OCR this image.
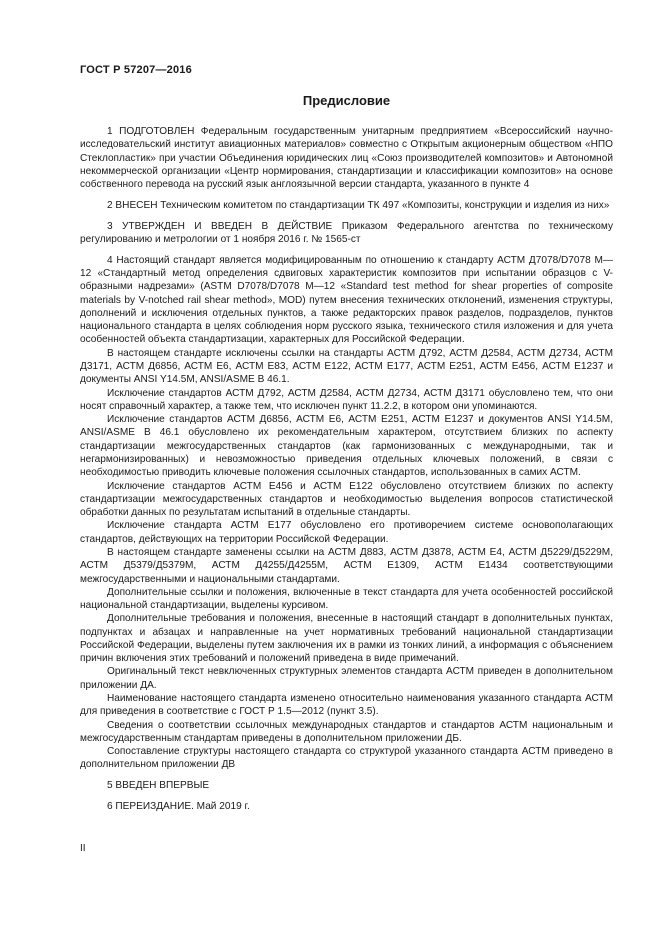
ГОСТ Р 57207—2016
Предисловие

1 ПОДГОТОВЛЕН Федеральным государственным унитарным предприятием «Всероссийский научно-исследовательский институт авиационных материалов» совместно с Открытым акционерным обществом «НПО Стеклопластик» при участии Объединения юридических лиц «Союз производителей композитов» и Автономной некоммерческой организации «Центр нормирования, стандартизации и классификации композитов» на основе собственного перевода на русский язык англоязычной версии стандарта, указанного в пункте 4

2 ВНЕСЕН Техническим комитетом по стандартизации ТК 497 «Композиты, конструкции и изделия из них»

3 УТВЕРЖДЕН И ВВЕДЕН В ДЕЙСТВИЕ Приказом Федерального агентства по техническому регулированию и метрологии от 1 ноября 2016 г. № 1565-ст

4 Настоящий стандарт является модифицированным по отношению к стандарту АСТМ Д7078/D7078 М—12 «Стандартный метод определения сдвиговых характеристик композитов при испытании образцов с V-образными надрезами» (ASTM D7078/D7078 M—12 «Standard test method for shear properties of composite materials by V-notched rail shear method», MOD) путем внесения технических отклонений, изменения структуры, дополнений и исключения отдельных пунктов, а также редакторских правок разделов, подразделов, пунктов национального стандарта в целях соблюдения норм русского языка, технического стиля изложения и для учета особенностей объекта стандартизации, характерных для Российской Федерации.

В настоящем стандарте исключены ссылки на стандарты АСТМ Д792, АСТМ Д2584, АСТМ Д2734, АСТМ Д3171, АСТМ Д6856, АСТМ Е6, АСТМ Е83, АСТМ Е122, АСТМ Е177, АСТМ Е251, АСТМ Е456, АСТМ Е1237 и документы ANSI Y14.5M, ANSI/ASME B 46.1.

Исключение стандартов АСТМ Д792, АСТМ Д2584, АСТМ Д2734, АСТМ Д3171 обусловлено тем, что они носят справочный характер, а также тем, что исключен пункт 11.2.2, в котором они упоминаются.

Исключение стандартов АСТМ Д6856, АСТМ Е6, АСТМ Е251, АСТМ Е1237 и документов ANSI Y14.5M, ANSI/ASME B 46.1 обусловлено их рекомендательным характером, отсутствием близких по аспекту стандартизации межгосударственных стандартов (как гармонизованных с международными, так и негармонизированных) и невозможностью приведения отдельных ключевых положений, в связи с необходимостью приводить ключевые положения ссылочных стандартов, использованных в самих АСТМ.

Исключение стандартов АСТМ Е456 и АСТМ Е122 обусловлено отсутствием близких по аспекту стандартизации межгосударственных стандартов и необходимостью выделения вопросов статистической обработки данных по результатам испытаний в отдельные стандарты.

Исключение стандарта АСТМ Е177 обусловлено его противоречием системе основополагающих стандартов, действующих на территории Российской Федерации.

В настоящем стандарте заменены ссылки на АСТМ Д883, АСТМ Д3878, АСТМ Е4, АСТМ Д5229/Д5229М, АСТМ Д5379/Д5379М, АСТМ Д4255/Д4255М, АСТМ Е1309, АСТМ Е1434 соответствующими межгосударственными и национальными стандартами.

Дополнительные ссылки и положения, включенные в текст стандарта для учета особенностей российской национальной стандартизации, выделены курсивом.

Дополнительные требования и положения, внесенные в настоящий стандарт в дополнительных пунктах, подпунктах и абзацах и направленные на учет нормативных требований национальной стандартизации Российской Федерации, выделены путем заключения их в рамки из тонких линий, а информация с объяснением причин включения этих требований и положений приведена в виде примечаний.

Оригинальный текст невключенных структурных элементов стандарта АСТМ приведен в дополнительном приложении ДА.

Наименование настоящего стандарта изменено относительно наименования указанного стандарта АСТМ для приведения в соответствие с ГОСТ Р 1.5—2012 (пункт 3.5).

Сведения о соответствии ссылочных международных стандартов и стандартов АСТМ национальным и межгосударственным стандартам приведены в дополнительном приложении ДБ.

Сопоставление структуры настоящего стандарта со структурой указанного стандарта АСТМ приведено в дополнительном приложении ДВ

5 ВВЕДЕН ВПЕРВЫЕ

6 ПЕРЕИЗДАНИЕ. Май 2019 г.

II
